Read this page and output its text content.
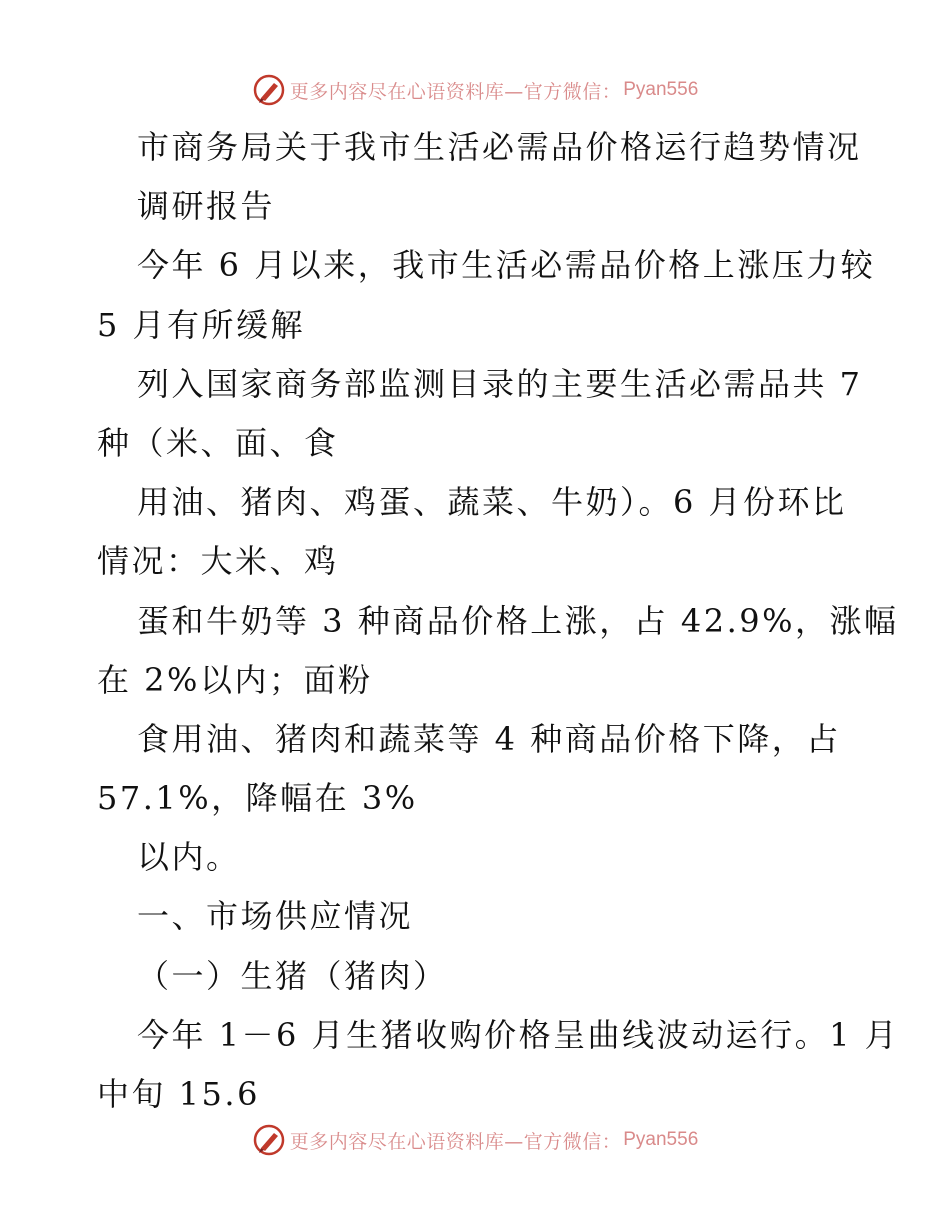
更多内容尽在心语资料库—官方微信： Pyan556
市商务局关于我市生活必需品价格运行趋势情况
调研报告
今年 6 月以来，我市生活必需品价格上涨压力较
5 月有所缓解
列入国家商务部监测目录的主要生活必需品共 7
种（米、面、食
用油、猪肉、鸡蛋、蔬菜、牛奶）。6 月份环比
情况：大米、鸡
蛋和牛奶等 3 种商品价格上涨，占 42.9%，涨幅
在 2%以内；面粉
食用油、猪肉和蔬菜等 4 种商品价格下降，占
57.1%，降幅在 3%
以内。
一、市场供应情况
（一）生猪（猪肉）
今年 1－6 月生猪收购价格呈曲线波动运行。1 月
中旬 15.6
更多内容尽在心语资料库—官方微信： Pyan556
